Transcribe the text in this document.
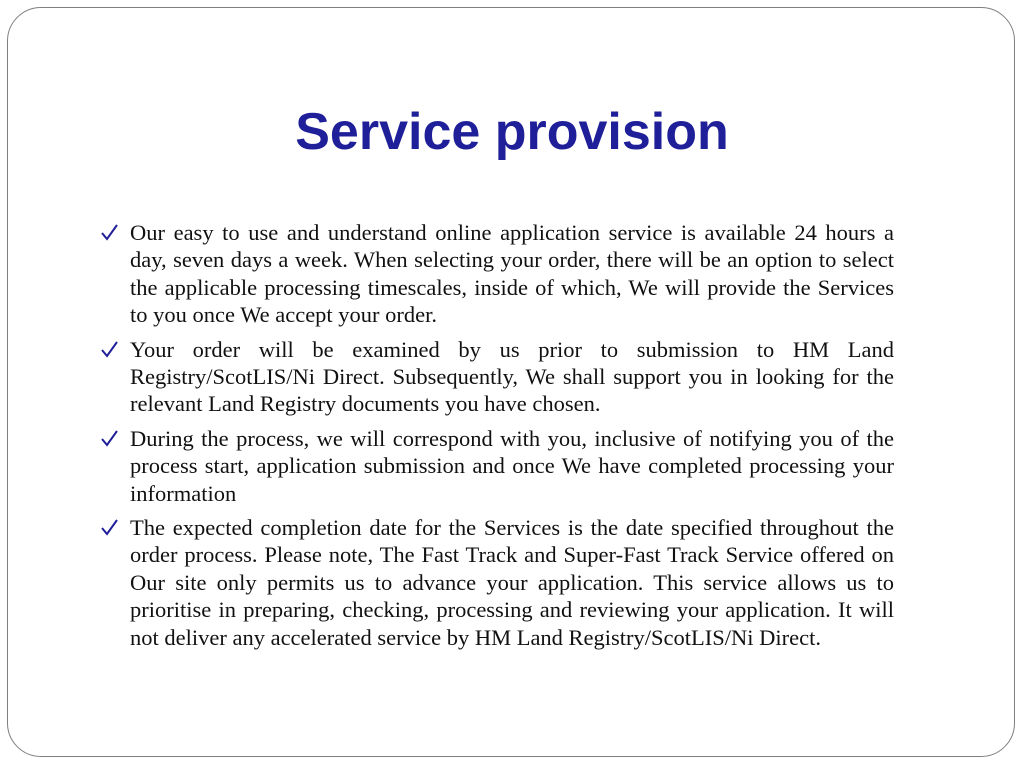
Service provision
Our easy to use and understand online application service is available 24 hours a day, seven days a week. When selecting your order, there will be an option to select the applicable processing timescales, inside of which, We will provide the Services to you once We accept your order.
Your order will be examined by us prior to submission to HM Land Registry/ScotLIS/Ni Direct. Subsequently, We shall support you in looking for the relevant Land Registry documents you have chosen.
During the process, we will correspond with you, inclusive of notifying you of the process start, application submission and once We have completed processing your information
The expected completion date for the Services is the date specified throughout the order process. Please note, The Fast Track and Super-Fast Track Service offered on Our site only permits us to advance your application. This service allows us to prioritise in preparing, checking, processing and reviewing your application. It will not deliver any accelerated service by HM Land Registry/ScotLIS/Ni Direct.
